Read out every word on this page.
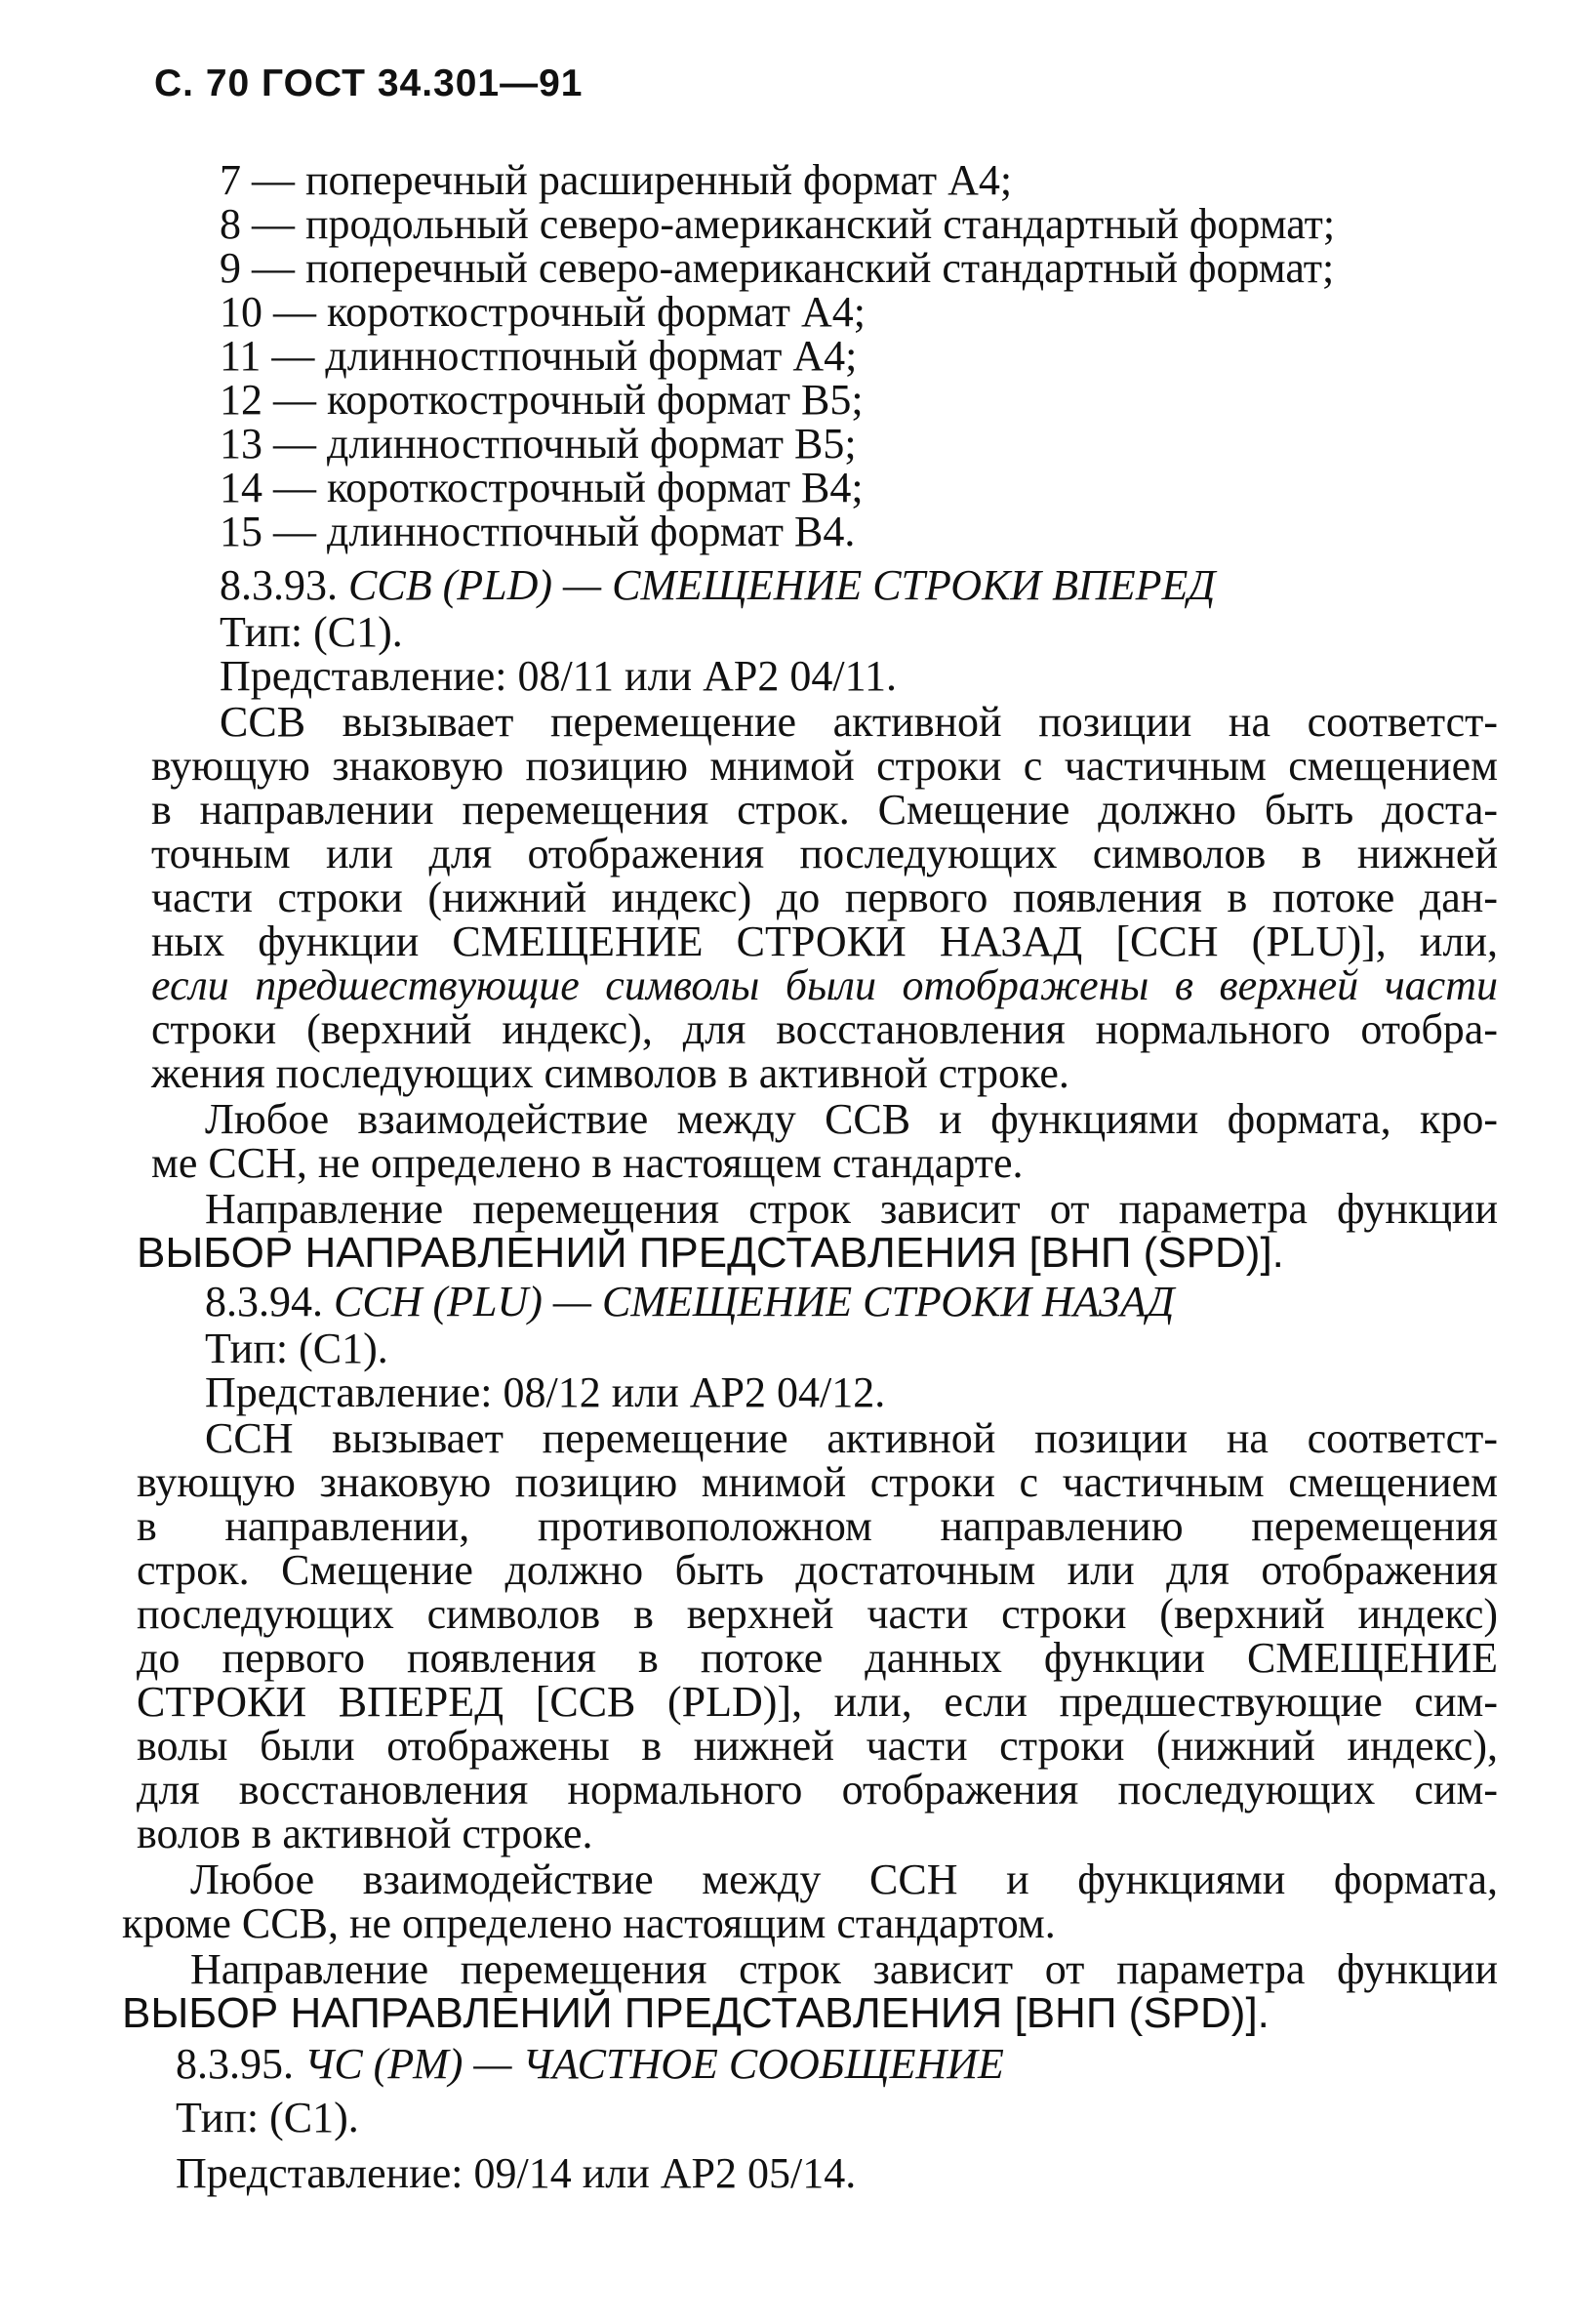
С. 70 ГОСТ 34.301—91
7 — поперечный расширенный формат А4;
8 — продольный северо-американский стандартный формат;
9 — поперечный северо-американский стандартный формат;
10 — короткострочный формат А4;
11 — длинностпочный формат А4;
12 — короткострочный формат В5;
13 — длинностпочный формат В5;
14 — короткострочный формат В4;
15 — длинностпочный формат В4.
8.3.93. ССВ (PLD) — СМЕЩЕНИЕ СТРОКИ ВПЕРЕД
Тип: (С1).
Представление: 08/11 или АР2 04/11.
ССВ вызывает перемещение активной позиции на соответст-
вующую знаковую позицию мнимой строки с частичным смещением
в направлении перемещения строк. Смещение должно быть доста-
точным или для отображения последующих символов в нижней
части строки (нижний индекс) до первого появления в потоке дан-
ных функции СМЕЩЕНИЕ СТРОКИ НАЗАД [ССН (PLU)], или,
если предшествующие символы были отображены в верхней части
строки (верхний индекс), для восстановления нормального отобра-
жения последующих символов в активной строке.
Любое взаимодействие между ССВ и функциями формата, кро-
ме ССН, не определено в настоящем стандарте.
Направление перемещения строк зависит от параметра функции
ВЫБОР НАПРАВЛЕНИЙ ПРЕДСТАВЛЕНИЯ [ВНП (SPD)].
8.3.94. ССН (PLU) — СМЕЩЕНИЕ СТРОКИ НАЗАД
Тип: (С1).
Представление: 08/12 или АР2 04/12.
ССН вызывает перемещение активной позиции на соответст-
вующую знаковую позицию мнимой строки с частичным смещением
в направлении, противоположном направлению перемещения
строк. Смещение должно быть достаточным или для отображения
последующих символов в верхней части строки (верхний индекс)
до первого появления в потоке данных функции СМЕЩЕНИЕ
СТРОКИ ВПЕРЕД [ССВ (PLD)], или, если предшествующие сим-
волы были отображены в нижней части строки (нижний индекс),
для восстановления нормального отображения последующих сим-
волов в активной строке.
Любое взаимодействие между ССН и функциями формата,
кроме ССВ, не определено настоящим стандартом.
Направление перемещения строк зависит от параметра функции
ВЫБОР НАПРАВЛЕНИЙ ПРЕДСТАВЛЕНИЯ [ВНП (SPD)].
8.3.95. ЧС (РМ) — ЧАСТНОЕ СООБЩЕНИЕ
Тип: (С1).
Представление: 09/14 или АР2 05/14.
